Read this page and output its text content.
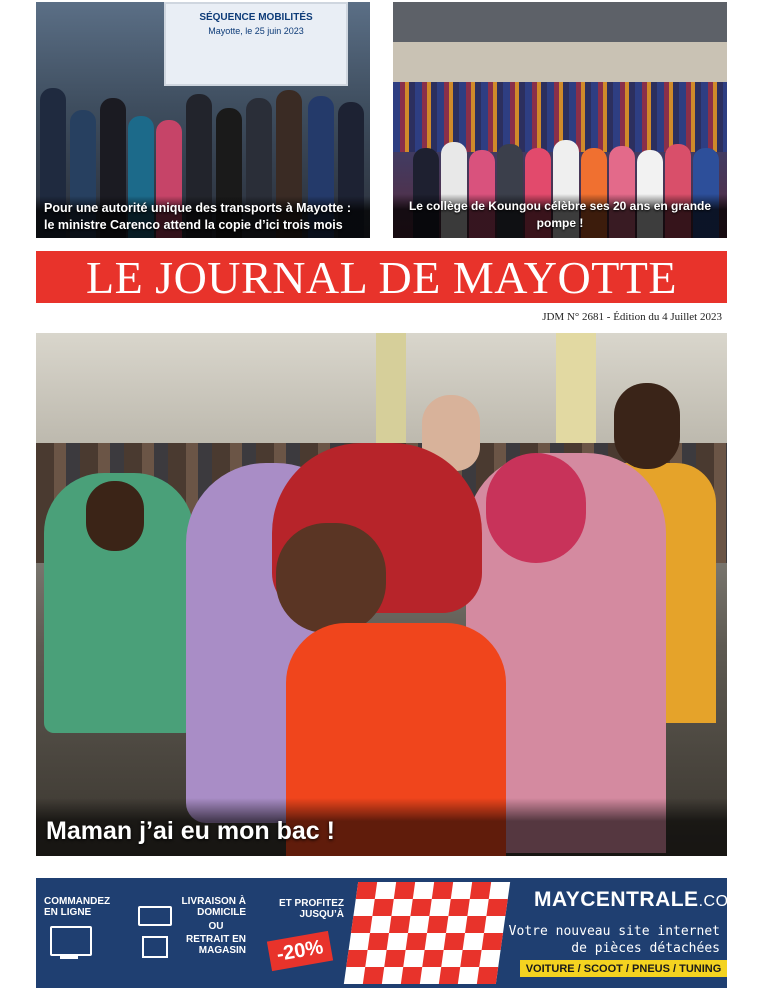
SÉQUENCE MOBILITÉS
Mayotte, le 25 juin 2023
Pour une autorité unique des transports à Mayotte : le ministre Carenco attend la copie d’ici trois mois
Le collège de Koungou célèbre ses 20 ans en grande pompe !
LE JOURNAL DE MAYOTTE
JDM N° 2681 - Édition du 4 Juillet 2023
Maman j’ai eu mon bac !
COMMANDEZ EN LIGNE
LIVRAISON À DOMICILE
OU
RETRAIT EN MAGASIN
ET PROFITEZ JUSQU’À
-20%
MAYCENTRALE.COM
Votre nouveau site internet
de pièces détachées
VOITURE / SCOOT / PNEUS / TUNING
